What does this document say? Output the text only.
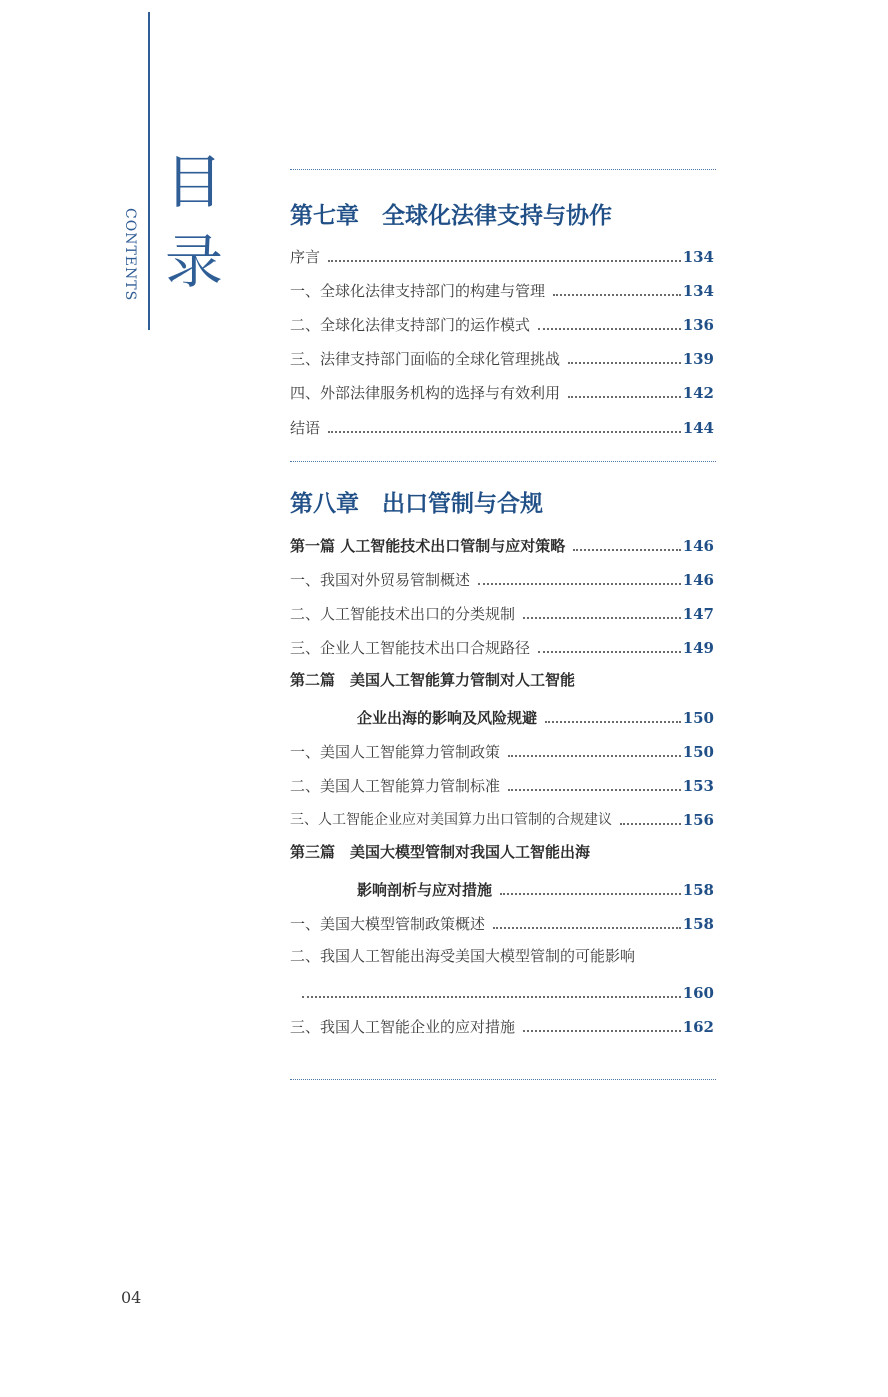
CONTENTS
目
录
第七章　全球化法律支持与协作
序言	134
一、全球化法律支持部门的构建与管理	134
二、全球化法律支持部门的运作模式	136
三、法律支持部门面临的全球化管理挑战	139
四、外部法律服务机构的选择与有效利用	142
结语	144
第八章　出口管制与合规
第一篇 人工智能技术出口管制与应对策略	146
一、我国对外贸易管制概述	146
二、人工智能技术出口的分类规制	147
三、企业人工智能技术出口合规路径	149
第二篇　美国人工智能算力管制对人工智能
企业出海的影响及风险规避	150
一、美国人工智能算力管制政策	150
二、美国人工智能算力管制标准	153
三、人工智能企业应对美国算力出口管制的合规建议	156
第三篇　美国大模型管制对我国人工智能出海
影响剖析与应对措施	158
一、美国大模型管制政策概述	158
二、我国人工智能出海受美国大模型管制的可能影响
160
三、我国人工智能企业的应对措施	162
04
